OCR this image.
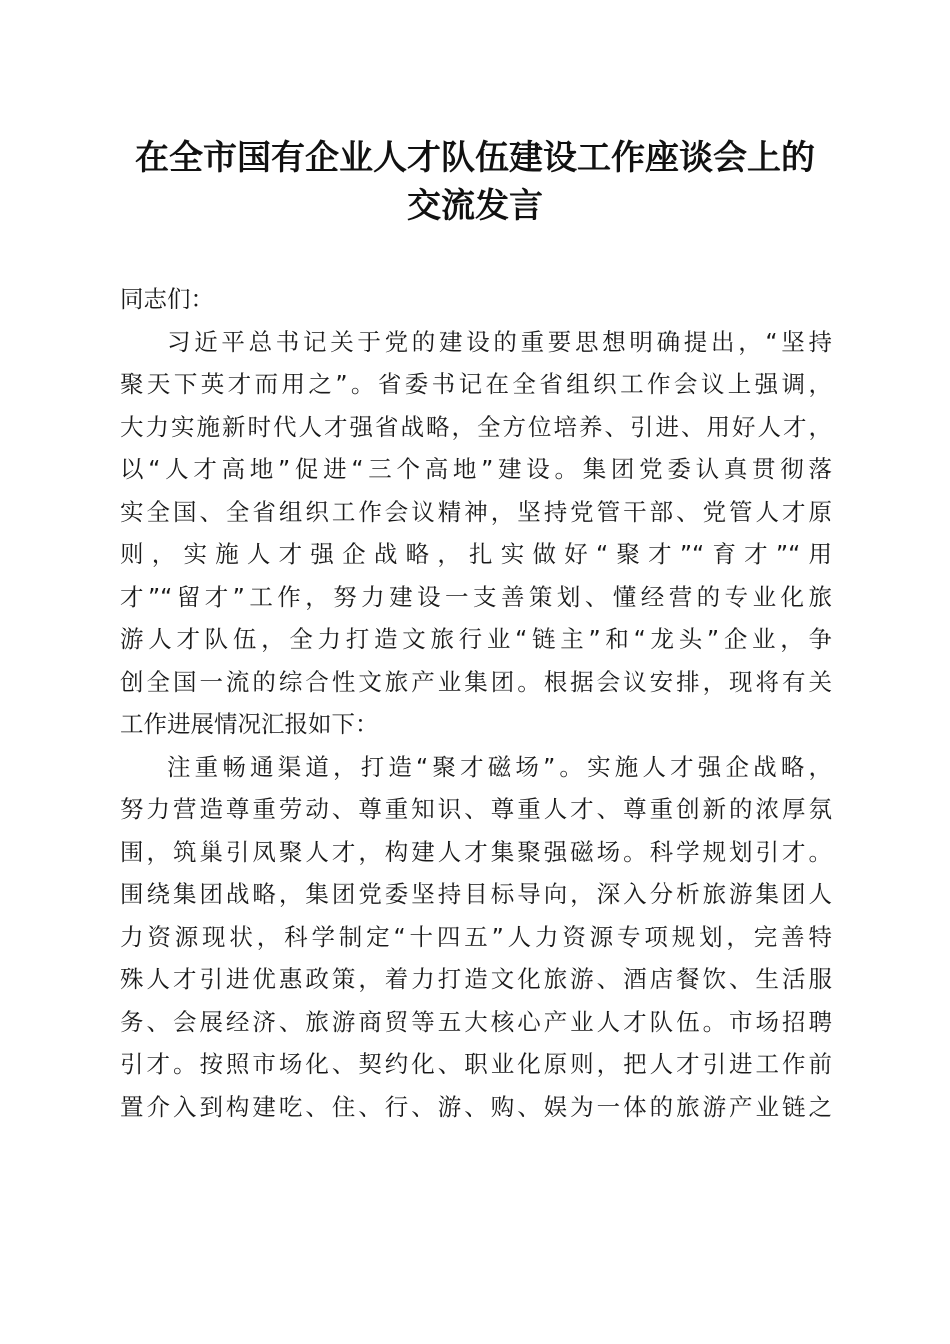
在全市国有企业人才队伍建设工作座谈会上的
交流发言
同志们：
习近平总书记关于党的建设的重要思想明确提出，“坚持
聚天下英才而用之”。省委书记在全省组织工作会议上强调，
大力实施新时代人才强省战略，全方位培养、引进、用好人才，
以“人才高地”促进“三个高地”建设。集团党委认真贯彻落
实全国、全省组织工作会议精神，坚持党管干部、党管人才原
则，实施人才强企战略，扎实做好“聚才”“育才”“用
才”“留才”工作，努力建设一支善策划、懂经营的专业化旅
游人才队伍，全力打造文旅行业“链主”和“龙头”企业，争
创全国一流的综合性文旅产业集团。根据会议安排，现将有关
工作进展情况汇报如下：
注重畅通渠道，打造“聚才磁场”。实施人才强企战略，
努力营造尊重劳动、尊重知识、尊重人才、尊重创新的浓厚氛
围，筑巢引凤聚人才，构建人才集聚强磁场。科学规划引才。
围绕集团战略，集团党委坚持目标导向，深入分析旅游集团人
力资源现状，科学制定“十四五”人力资源专项规划，完善特
殊人才引进优惠政策，着力打造文化旅游、酒店餐饮、生活服
务、会展经济、旅游商贸等五大核心产业人才队伍。市场招聘
引才。按照市场化、契约化、职业化原则，把人才引进工作前
置介入到构建吃、住、行、游、购、娱为一体的旅游产业链之
